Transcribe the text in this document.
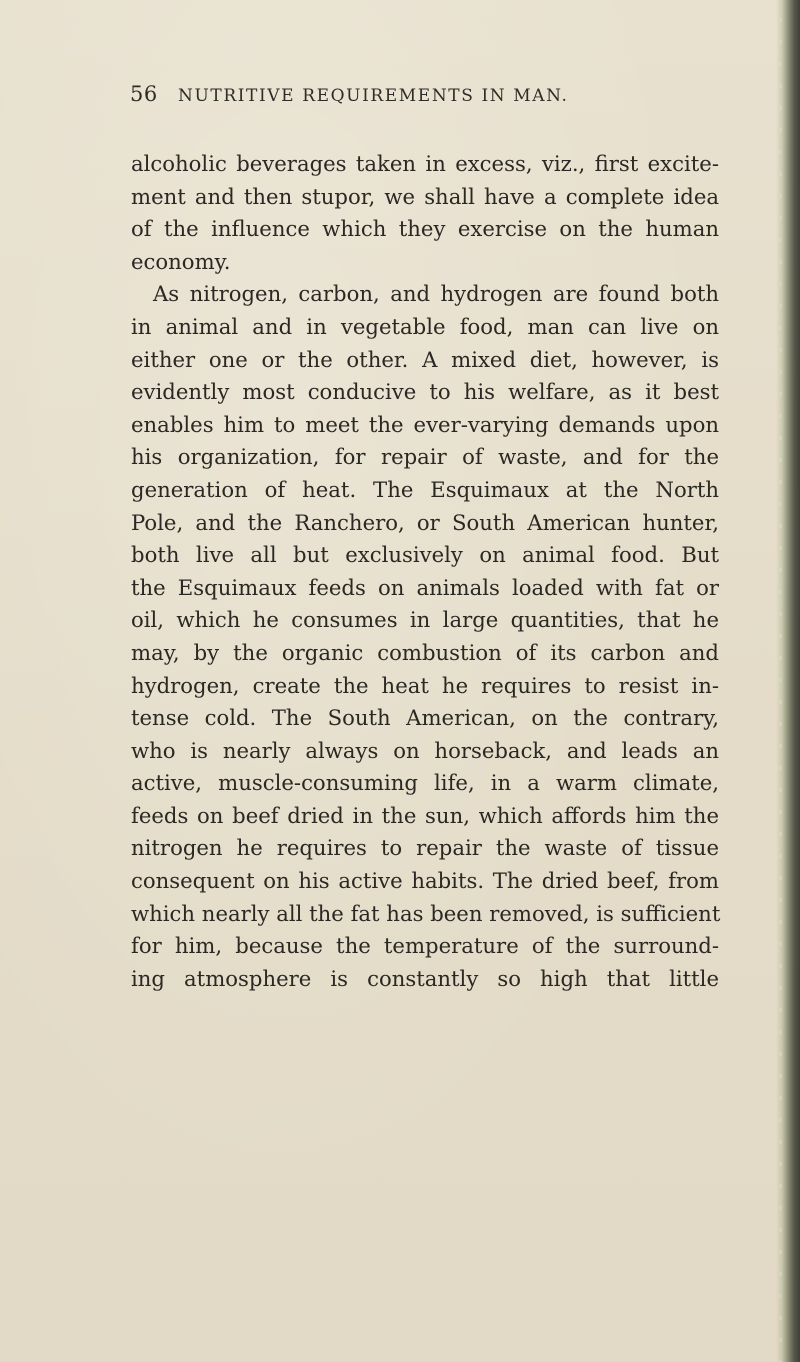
56 NUTRITIVE REQUIREMENTS IN MAN.
alcoholic beverages taken in excess, viz., first excite-
ment and then stupor, we shall have a complete idea
of the influence which they exercise on the human
economy.
As nitrogen, carbon, and hydrogen are found both
in animal and in vegetable food, man can live on
either one or the other. A mixed diet, however, is
evidently most conducive to his welfare, as it best
enables him to meet the ever-varying demands upon
his organization, for repair of waste, and for the
generation of heat. The Esquimaux at the North
Pole, and the Ranchero, or South American hunter,
both live all but exclusively on animal food. But
the Esquimaux feeds on animals loaded with fat or
oil, which he consumes in large quantities, that he
may, by the organic combustion of its carbon and
hydrogen, create the heat he requires to resist in-
tense cold. The South American, on the contrary,
who is nearly always on horseback, and leads an
active, muscle-consuming life, in a warm climate,
feeds on beef dried in the sun, which affords him the
nitrogen he requires to repair the waste of tissue
consequent on his active habits. The dried beef, from
which nearly all the fat has been removed, is sufficient
for him, because the temperature of the surround-
ing atmosphere is constantly so high that little
